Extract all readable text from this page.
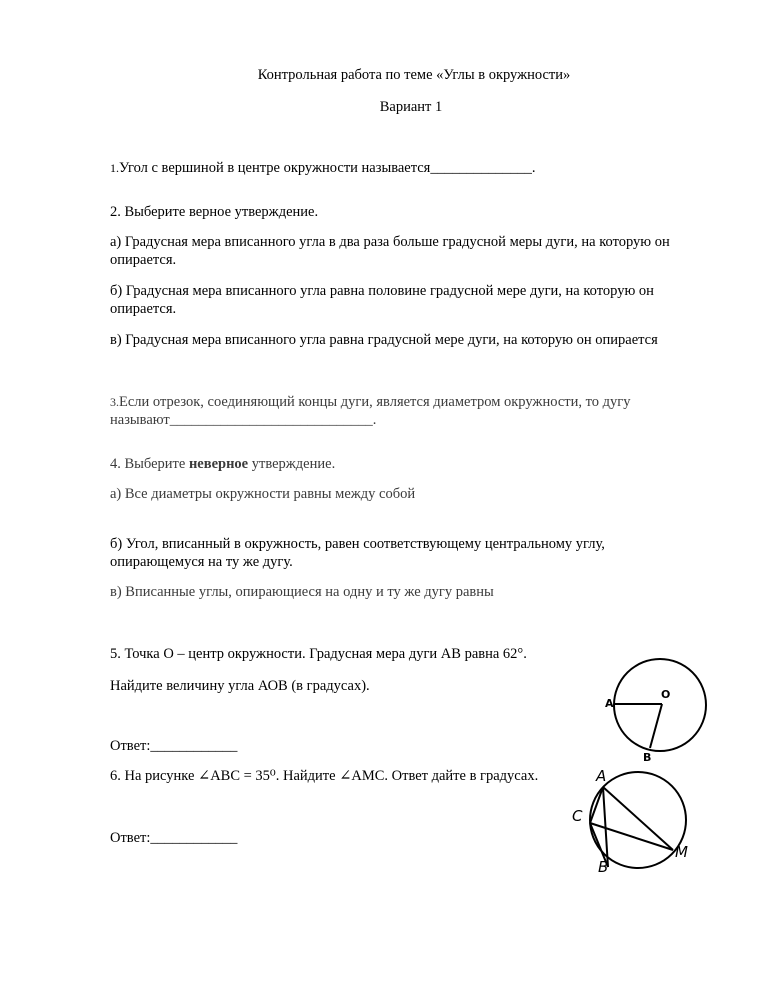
Контрольная работа по теме «Углы в окружности»
Вариант 1
1.Угол с вершиной в центре окружности называется______________.
2. Выберите верное утверждение.
а) Градусная мера вписанного угла в два раза больше градусной меры дуги, на которую он
опирается.
б) Градусная мера вписанного угла равна половине градусной мере дуги, на которую он
опирается.
в) Градусная мера вписанного угла равна градусной мере дуги, на которую он опирается
3.Если отрезок, соединяющий концы дуги, является диаметром окружности, то дугу
называют____________________________.
4. Выберите неверное утверждение.
а) Все диаметры окружности равны между собой
б) Угол, вписанный в окружность, равен соответствующему центральному углу,
опирающемуся на ту же дугу.
в) Вписанные углы, опирающиеся на одну и ту же дугу равны
5. Точка О – центр окружности. Градусная мера дуги АВ равна 62°.
Найдите величину угла АОВ (в градусах).
Ответ:____________
O
A
B
6. На рисунке ∠ABC = 35⁰. Найдите ∠AMC. Ответ дайте в градусах.
Ответ:____________
A
C
B
M
